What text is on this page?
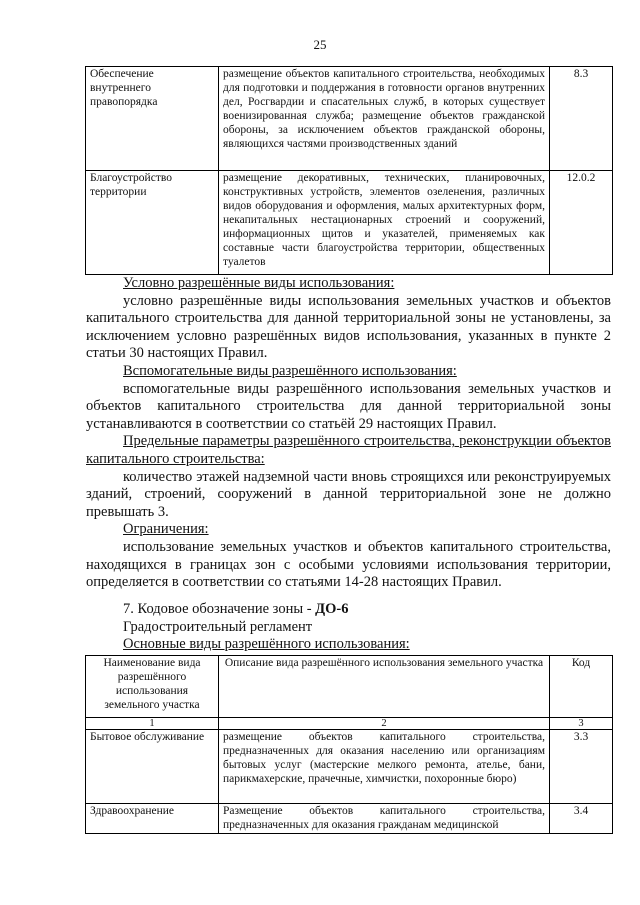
25
Обеспечение внутреннего правопорядка	размещение объектов капитального строительства, необходимых для подготовки и поддержания в готовности органов внутренних дел, Росгвардии и спасательных служб, в которых существует военизированная служба; размещение объектов гражданской обороны, за исключением объектов гражданской обороны, являющихся частями производственных зданий	8.3
Благоустройство территории	размещение декоративных, технических, планировочных, конструктивных устройств, элементов озеленения, различных видов оборудования и оформления, малых архитектурных форм, некапитальных нестационарных строений и сооружений, информационных щитов и указателей, применяемых как составные части благоустройства территории, общественных туалетов	12.0.2

Условно разрешённые виды использования:

условно разрешённые виды использования земельных участков и объектов капитального строительства для данной территориальной зоны не установлены, за исключением условно разрешённых видов использования, указанных в пункте 2 статьи 30 настоящих Правил.

Вспомогательные виды разрешённого использования:

вспомогательные виды разрешённого использования земельных участков и объектов капитального строительства для данной территориальной зоны устанавливаются в соответствии со статьёй 29 настоящих Правил.

Предельные параметры разрешённого строительства, реконструкции объектов капитального строительства:

количество этажей надземной части вновь строящихся или реконструируемых зданий, строений, сооружений в данной территориальной зоне не должно превышать 3.

Ограничения:

использование земельных участков и объектов капитального строительства, находящихся в границах зон с особыми условиями использования территории, определяется в соответствии со статьями 14-28 настоящих Правил.

7. Кодовое обозначение зоны - ДО-6

Градостроительный регламент

Основные виды разрешённого использования:

Наименование вида разрешённого использования земельного участка	Описание вида разрешённого использования земельного участка	Код
1	2	3
Бытовое обслуживание	размещение объектов капитального строительства, предназначенных для оказания населению или организациям бытовых услуг (мастерские мелкого ремонта, ателье, бани, парикмахерские, прачечные, химчистки, похоронные бюро)	3.3
Здравоохранение	Размещение объектов капитального строительства, предназначенных для оказания гражданам медицинской	3.4
